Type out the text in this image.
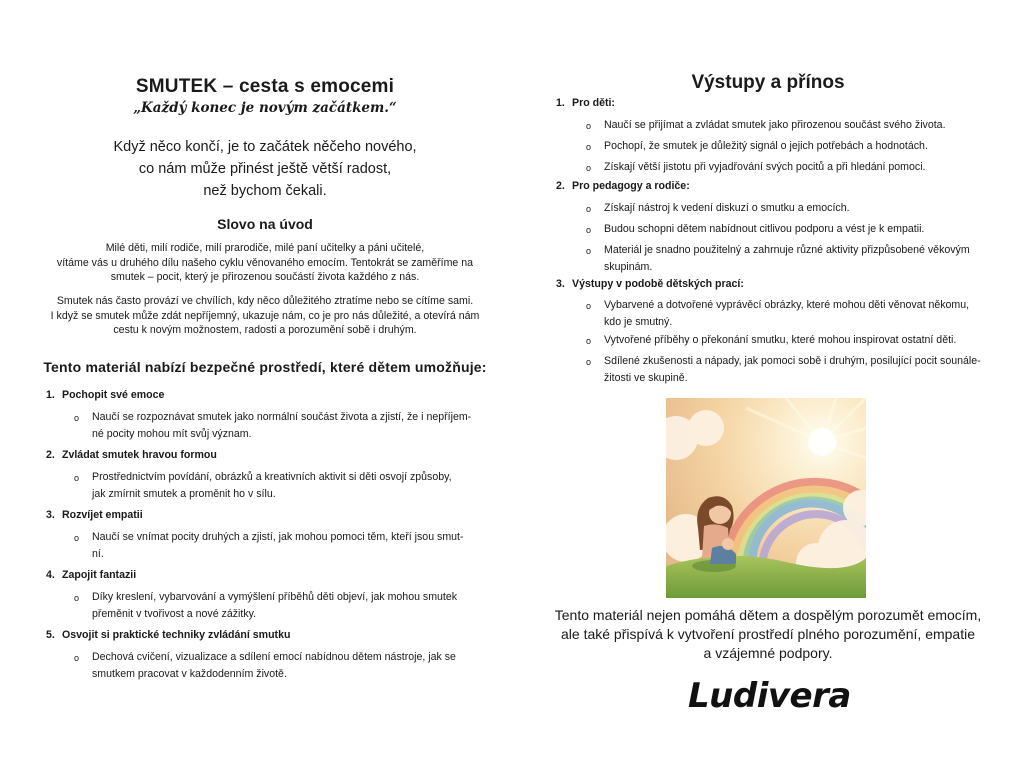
SMUTEK – cesta s emocemi
„Každý konec je novým začátkem.“
Když něco končí, je to začátek něčeho nového,
co nám může přinést ještě větší radost,
než bychom čekali.
Slovo na úvod
Milé děti, milí rodiče, milí prarodiče, milé paní učitelky a páni učitelé,
vítáme vás u druhého dílu našeho cyklu věnovaného emocím. Tentokrát se zaměříme na
smutek – pocit, který je přirozenou součástí života každého z nás.
Smutek nás často provází ve chvílích, kdy něco důležitého ztratíme nebo se cítíme sami.
I když se smutek může zdát nepříjemný, ukazuje nám, co je pro nás důležité, a otevírá nám
cestu k novým možnostem, radosti a porozumění sobě i druhým.
Tento materiál nabízí bezpečné prostředí, které dětem umožňuje:
1. Pochopit své emoce
o Naučí se rozpoznávat smutek jako normální součást života a zjistí, že i nepříjem-
né pocity mohou mít svůj význam.
2. Zvládat smutek hravou formou
o Prostřednictvím povídání, obrázků a kreativních aktivit si děti osvojí způsoby,
jak zmírnit smutek a proměnit ho v sílu.
3. Rozvíjet empatii
o Naučí se vnímat pocity druhých a zjistí, jak mohou pomoci těm, kteří jsou smut-
ní.
4. Zapojit fantazii
o Díky kreslení, vybarvování a vymýšlení příběhů děti objeví, jak mohou smutek
přeměnit v tvořivost a nové zážitky.
5. Osvojit si praktické techniky zvládání smutku
o Dechová cvičení, vizualizace a sdílení emocí nabídnou dětem nástroje, jak se
smutkem pracovat v každodenním životě.
Výstupy a přínos
1. Pro děti:
o Naučí se přijímat a zvládat smutek jako přirozenou součást svého života.
o Pochopí, že smutek je důležitý signál o jejich potřebách a hodnotách.
o Získají větší jistotu při vyjadřování svých pocitů a při hledání pomoci.
2. Pro pedagogy a rodiče:
o Získají nástroj k vedení diskuzí o smutku a emocích.
o Budou schopni dětem nabídnout citlivou podporu a vést je k empatii.
o Materiál je snadno použitelný a zahrnuje různé aktivity přizpůsobené věkovým
skupinám.
3. Výstupy v podobě dětských prací:
o Vybarvené a dotvořené vyprávěcí obrázky, které mohou děti věnovat někomu,
kdo je smutný.
o Vytvořené příběhy o překonání smutku, které mohou inspirovat ostatní děti.
o Sdílené zkušenosti a nápady, jak pomoci sobě i druhým, posilující pocit sounále-
žitosti ve skupině.
Tento materiál nejen pomáhá dětem a dospělým porozumět emocím,
ale také přispívá k vytvoření prostředí plného porozumění, empatie
a vzájemné podpory.
Ludivera
